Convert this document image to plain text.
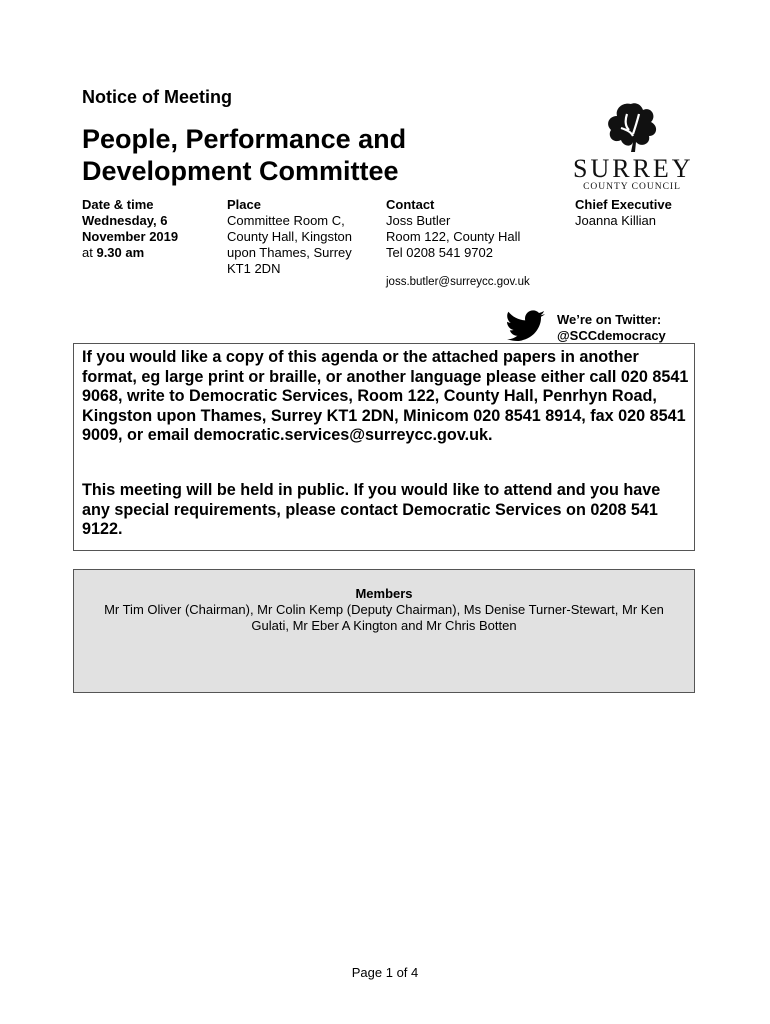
Notice of Meeting
People, Performance and Development Committee	SURREY
COUNTY COUNCIL
Date & time
Wednesday, 6
November 2019
at 9.30 am
Place
Committee Room C,
County Hall, Kingston
upon Thames, Surrey
KT1 2DN
Contact
Joss Butler
Room 122, County Hall
Tel 0208 541 9702
joss.butler@surreycc.gov.uk
Chief Executive
Joanna Killian
We’re on Twitter:
@SCCdemocracy

If you would like a copy of this agenda or the attached papers in another format, eg large print or braille, or another language please either call 020 8541 9068, write to Democratic Services, Room 122, County Hall, Penrhyn Road, Kingston upon Thames, Surrey KT1 2DN, Minicom 020 8541 8914, fax 020 8541 9009, or email democratic.services@surreycc.gov.uk.

This meeting will be held in public. If you would like to attend and you have any special requirements, please contact Democratic Services on 0208 541 9122.

Members
Mr Tim Oliver (Chairman), Mr Colin Kemp (Deputy Chairman), Ms Denise Turner-Stewart, Mr Ken Gulati, Mr Eber A Kington and Mr Chris Botten
Page 1 of 4
